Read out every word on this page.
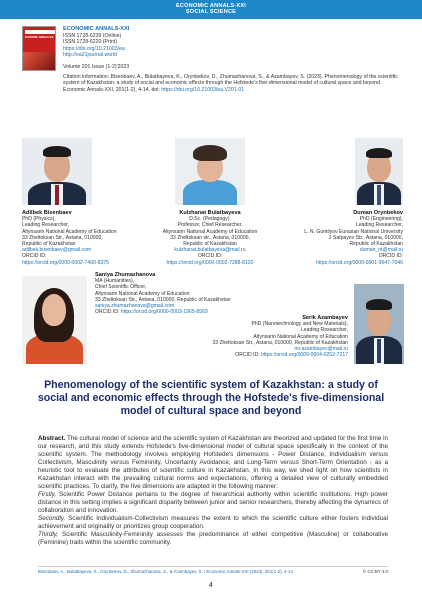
ECONOMIC ANNALS-XXI
SOCIAL SCIENCE
ECONOMIC ANNALS-XXI
ECONOMIC ANNALS-XXI
ISSN 1728-6239 (Online)
ISSN 1728-6220 (Print)
https://doi.org/10.21003/ea
http://ea21journal.world
Volume 201 Issue (1-2)'2023
Citation information: Bisenbaev, A., Bulatbayeva, K., Orynbekov, D., Zhumazhanova, S., & Azambayev, S. (2023). Phenomenology of the scientific system of Kazakhstan: a study of social and economic effects through the Hofstede's five-dimensional model of cultural space and beyond. Economic Annals-XXI, 201(1-2), 4-14. doi: https://doi.org/10.21003/ea.V201-01
Adilbek Bisenbaev
PhD (Physics),
Leading Researcher,
Altynsarin National Academy of Education
33 Zheltoksan Str., Astana, 010000,
Republic of Kazakhstan
adilbek.bisenbaev@gmail.com
ORCID ID:
https://orcid.org/0000-0002-7490-8375
Kulzhanat Bulatbayeva
D.Sc. (Pedagogy),
Professor, Chief Researcher,
Altynsarin National Academy of Education
33 Zheltoksan str., Astana, 010000,
Republic of Kazakhstan
kulzhanat.bulatbayeva@mail.ru
ORCID ID:
https://orcid.org/0000-0002-7288-8120
Duman Orynbekov
PhD (Engineering),
Leading Researcher,
L. N. Gumilyov Eurasian National University
2 Satpayev Str., Astana, 010000,
Republic of Kazakhstan
duman_nt@mail.ru
ORCID ID:
https://orcid.org/0000-0001-9647-7046
Saniya Zhumazhanova
MA (Humanities),
Chief Scientific Officer,
Altynsarin National Academy of Education
33 Zheltoksan Str., Astana, 010000, Republic of Kazakhstan
saniya.zhumazhanova@gmail.com
ORCID ID: https://orcid.org/0000-0003-1965-8569
Serik Azambayev
PhD (Nanotechnology and New Materials),
Leading Researcher,
Altynsarin National Academy of Education
33 Zheltoksan Str., Astana, 010000, Republic of Kazakhstan
mr.azambayev@mail.ru
ORCID ID: https://orcid.org/0009-0004-0252-7217
Phenomenology of the scientific system of Kazakhstan: a study of social and economic effects through the Hofstede's five-dimensional model of cultural space and beyond

Abstract. The cultural model of science and the scientific system of Kazakhstan are theorized and updated for the first time in our research, and this study extends Hofstede's five-dimensional model of cultural space specifically in the context of the scientific system. The methodology involves employing Hofstede's dimensions - Power Distance, Individualism versus Collectivism, Masculinity versus Femininity, Uncertainty Avoidance, and Long-Term versus Short-Term Orientation - as a heuristic tool to evaluate the attributes of scientific culture in Kazakhstan. In this way, we shed light on how scientists in Kazakhstan interact with the prevailing cultural norms and expectations, offering a detailed view of culturally embedded scientific practices. To clarify, the five dimensions are adapted in the following manner:

Firstly, Scientific Power Distance pertains to the degree of hierarchical authority within scientific institutions. High power distance in this setting implies a significant disparity between junior and senior researchers, thereby affecting the dynamics of collaboration and innovation.

Secondly, Scientific Individualism-Collectivism measures the extent to which the scientific culture either fosters individual achievement and originality or prioritizes group cooperation.

Thirdly, Scientific Masculinity-Femininity assesses the predominance of either competitive (Masculine) or collaborative (Feminine) traits within the scientific community.

Bisenbaev, A., Bulatbayeva, K., Orynbekov, D., Zhumazhanova, S., & Azambayev, S. / Economic Annals-XXI (2023), 201(1-2), 4-14	© CC BY 4.0
4
